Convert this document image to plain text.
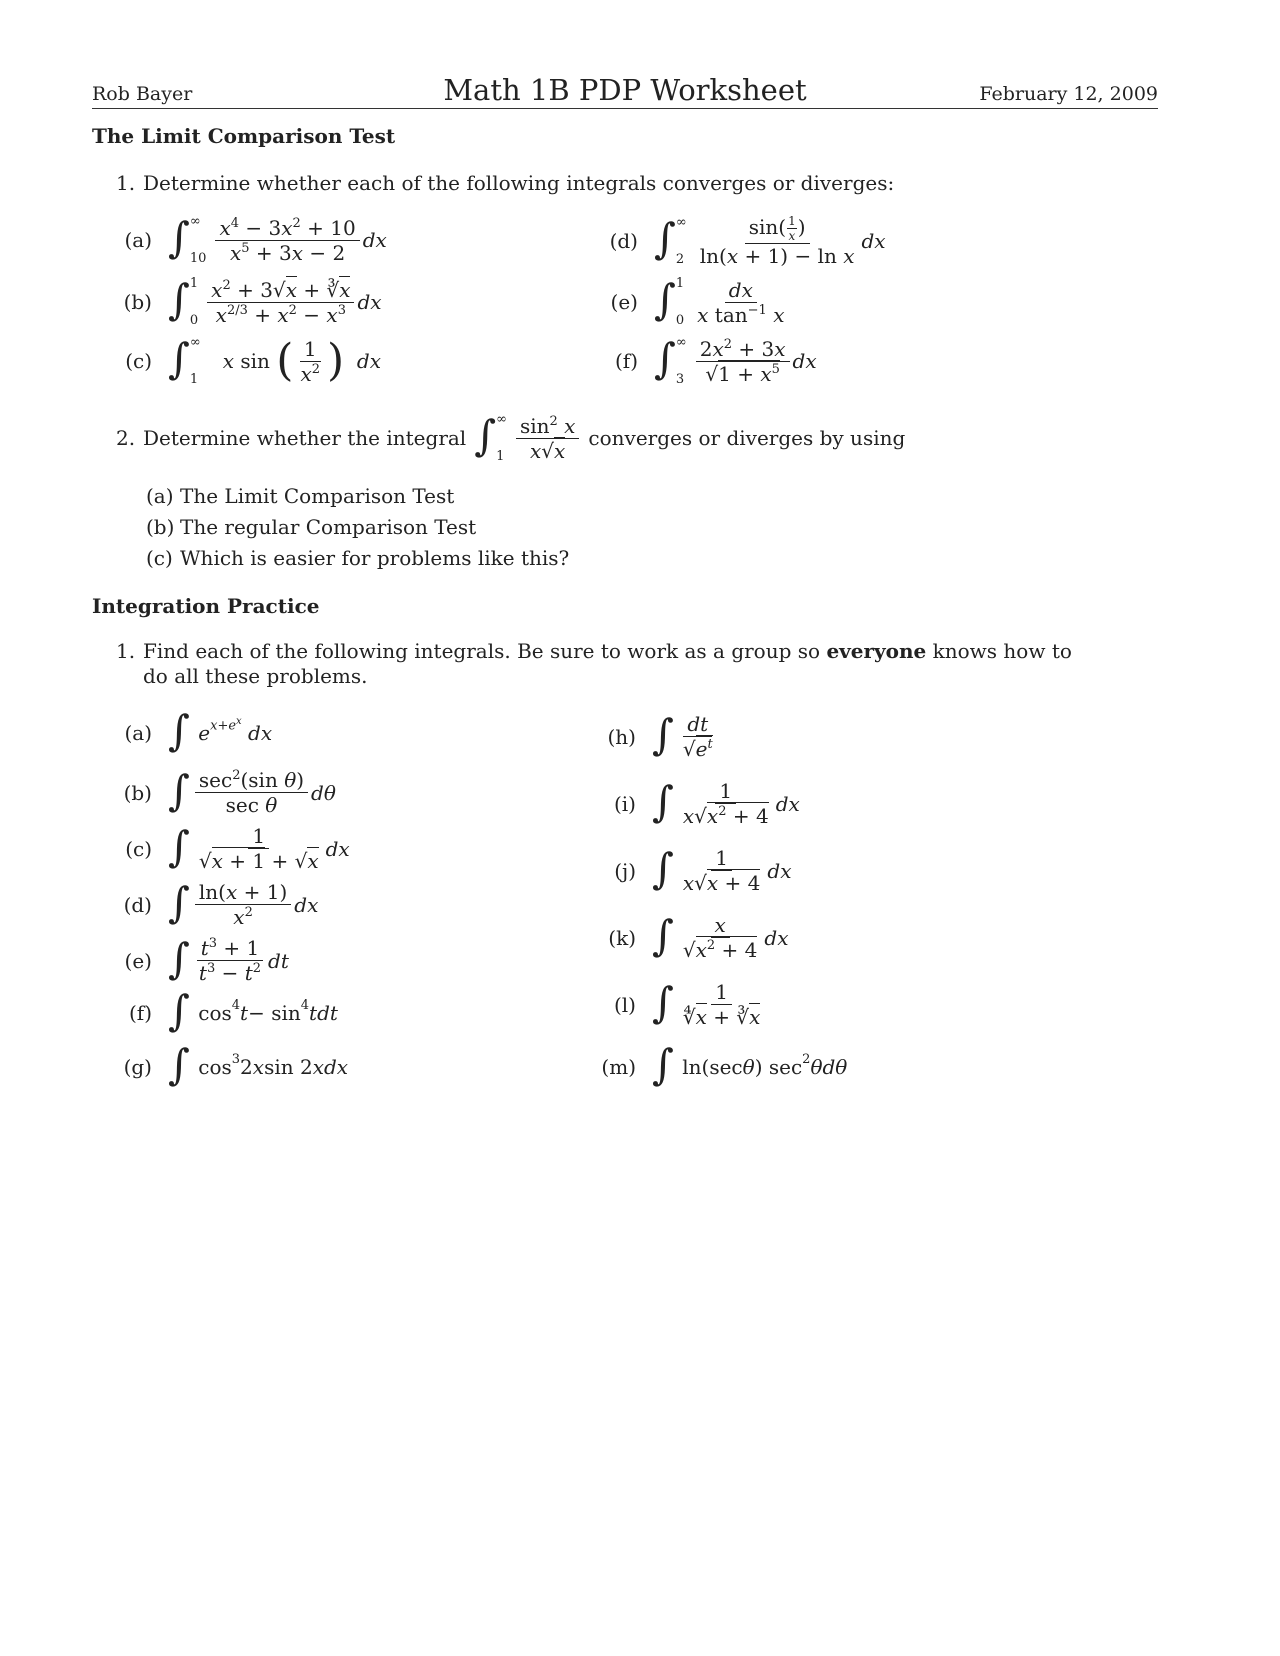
Rob Bayer	Math 1B PDP Worksheet	February 12, 2009
The Limit Comparison Test
1. Determine whether each of the following integrals converges or diverges:
(a) ∫ ∞
$10 \frac{x^4 - 3x^2 + 10}{x^5 + 3x - 2}$ dx
(b) ∫ 1
$0 \frac{x^2 + 3√x + ∛x}{x^{2/3} + x^2 - x^3}$ dx
(c) ∫ ∞
1
x sin ( $\frac{1}{x^2}$ )
dx
(d) ∫ ∞
$2 \frac{\sin( \frac{1}{x} )}{\text{ln(x + 1) − ln x}}$ dx
(e) ∫ 1
$0 \frac{dx}{x \tan^{-1} x}$
(f) ∫ ∞
$3 \frac{2x^2 + 3x}{√1 + x^5}$ dx
2. Determine whether the integral ∫ ∞
$1 \frac{\sin^2 x}{x√x}$ converges or diverges by using
(a) The Limit Comparison Test
(b) The regular Comparison Test
(c) Which is easier for problems like this?
Integration Practice
1. Find each of the following integrals. Be sure to work as a group so everyone knows how to do all these problems.
(a) ∫
e $x+e^x$
dx
(b) ∫ $\frac{\sec^2(\sin \theta)}{\text{sec θ}}$ dθ
(c) ∫ $\frac{1}{√x + 1 + √x}$ dx
(d) ∫ $\frac{\ln(x + 1)}{x^2}$ dx
(e) ∫ $\frac{t^3 + 1}{t^3 - t^2}$ dt
(f) ∫ cos 4 t − sin 4 tdt
(g) ∫ cos 3 2 x sin 2 xdx
(h) ∫ $\frac{dt}{√e^t}$
(i) ∫ $\frac{1}{x√x^2 + 4}$ dx
(j) ∫ $\frac{1}{x√x + 4}$ dx
(k) ∫ $\frac{x}{√x^2 + 4}$ dx
(l) ∫ $\frac{1}{∜x + ∛x}$
(m) ∫ ln(sec θ ) sec 2 θdθ
